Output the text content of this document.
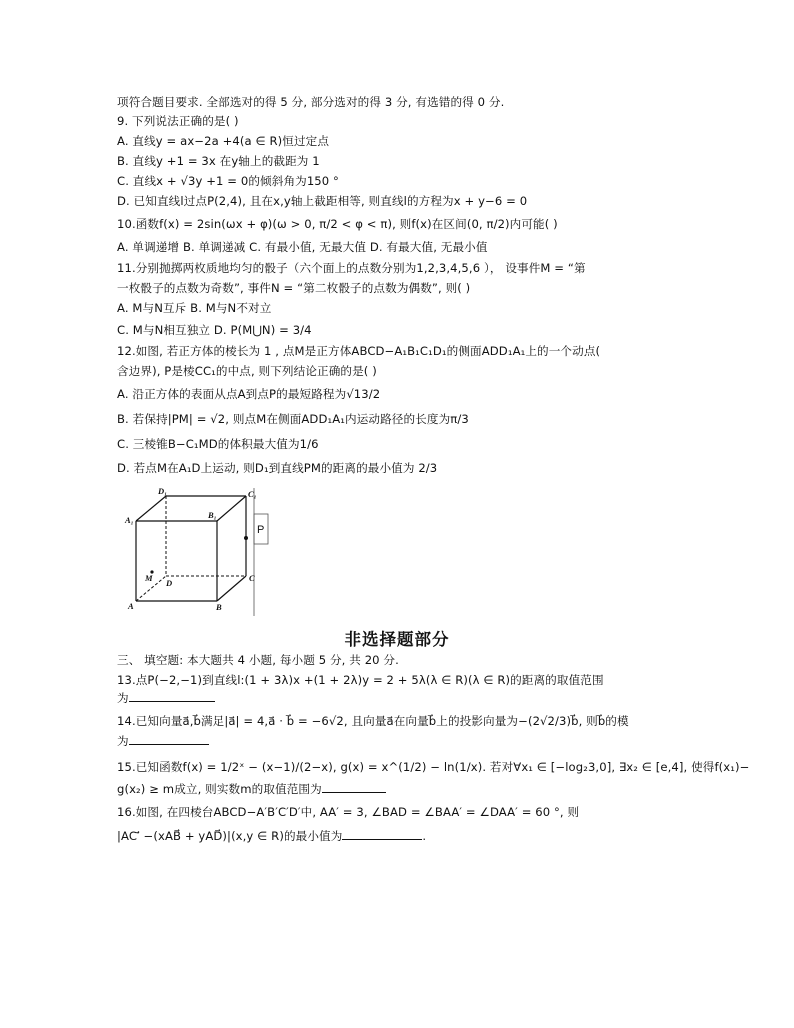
项符合题目要求. 全部选对的得 5 分, 部分选对的得 3 分, 有选错的得 0 分.
9. 下列说法正确的是( )
A. 直线y = ax−2a +4(a ∈ R)恒过定点
B. 直线y +1 = 3x 在y轴上的截距为 1
C. 直线x + √3y +1 = 0的倾斜角为150 °
D. 已知直线l过点P(2,4), 且在x,y轴上截距相等, 则直线l的方程为x + y−6 = 0
10.函数f(x) = 2sin(ωx + φ)(ω > 0, π/2 < φ < π), 则f(x)在区间(0, π/2)内可能( )
A. 单调递增 B. 单调递减 C. 有最小值, 无最大值 D. 有最大值, 无最小值
11.分别抛掷两枚质地均匀的骰子（六个面上的点数分别为1,2,3,4,5,6 ）， 设事件M = “第
一枚骰子的点数为奇数”, 事件N = “第二枚骰子的点数为偶数”, 则( )
A. M与N互斥 B. M与N不对立
C. M与N相互独立 D. P(M⋃N) = 3/4
12.如图, 若正方体的棱长为 1 , 点M是正方体ABCD−A₁B₁C₁D₁的侧面ADD₁A₁上的一个动点(
含边界), P是棱CC₁的中点, 则下列结论正确的是( )
A. 沿正方体的表面从点A到点P的最短路程为√13/2
B. 若保持|PM| = √2, 则点M在侧面ADD₁A₁内运动路径的长度为π/3
C. 三棱锥B−C₁MD的体积最大值为1/6
D. 若点M在A₁D上运动, 则D₁到直线PM的距离的最小值为 2/3
D₁	C₁
A₁	B₁
M D	C
A	B
P
非选择题部分
三、 填空题: 本大题共 4 小题, 每小题 5 分, 共 20 分.
13.点P(−2,−1)到直线l:(1 + 3λ)x +(1 + 2λ)y = 2 + 5λ(λ ∈ R)(λ ∈ R)的距离的取值范围
为
14.已知向量a⃗,b⃗满足|a⃗| = 4,a⃗ · b⃗ = −6√2, 且向量a⃗在向量b⃗上的投影向量为−(2√2/3)b⃗, 则b⃗的模
为
15.已知函数f(x) = 1/2ˣ − (x−1)/(2−x), g(x) = x^(1/2) − ln(1/x). 若对∀x₁ ∈ [−log₂3,0], ∃x₂ ∈ [e,4], 使得f(x₁)−
g(x₂) ≥ m成立, 则实数m的取值范围为
16.如图, 在四棱台ABCD−A′B′C′D′中, AA′ = 3, ∠BAD = ∠BAA′ = ∠DAA′ = 60 °, 则
|AC′⃗ −(xAB⃗ + yAD⃗)|(x,y ∈ R)的最小值为	.
